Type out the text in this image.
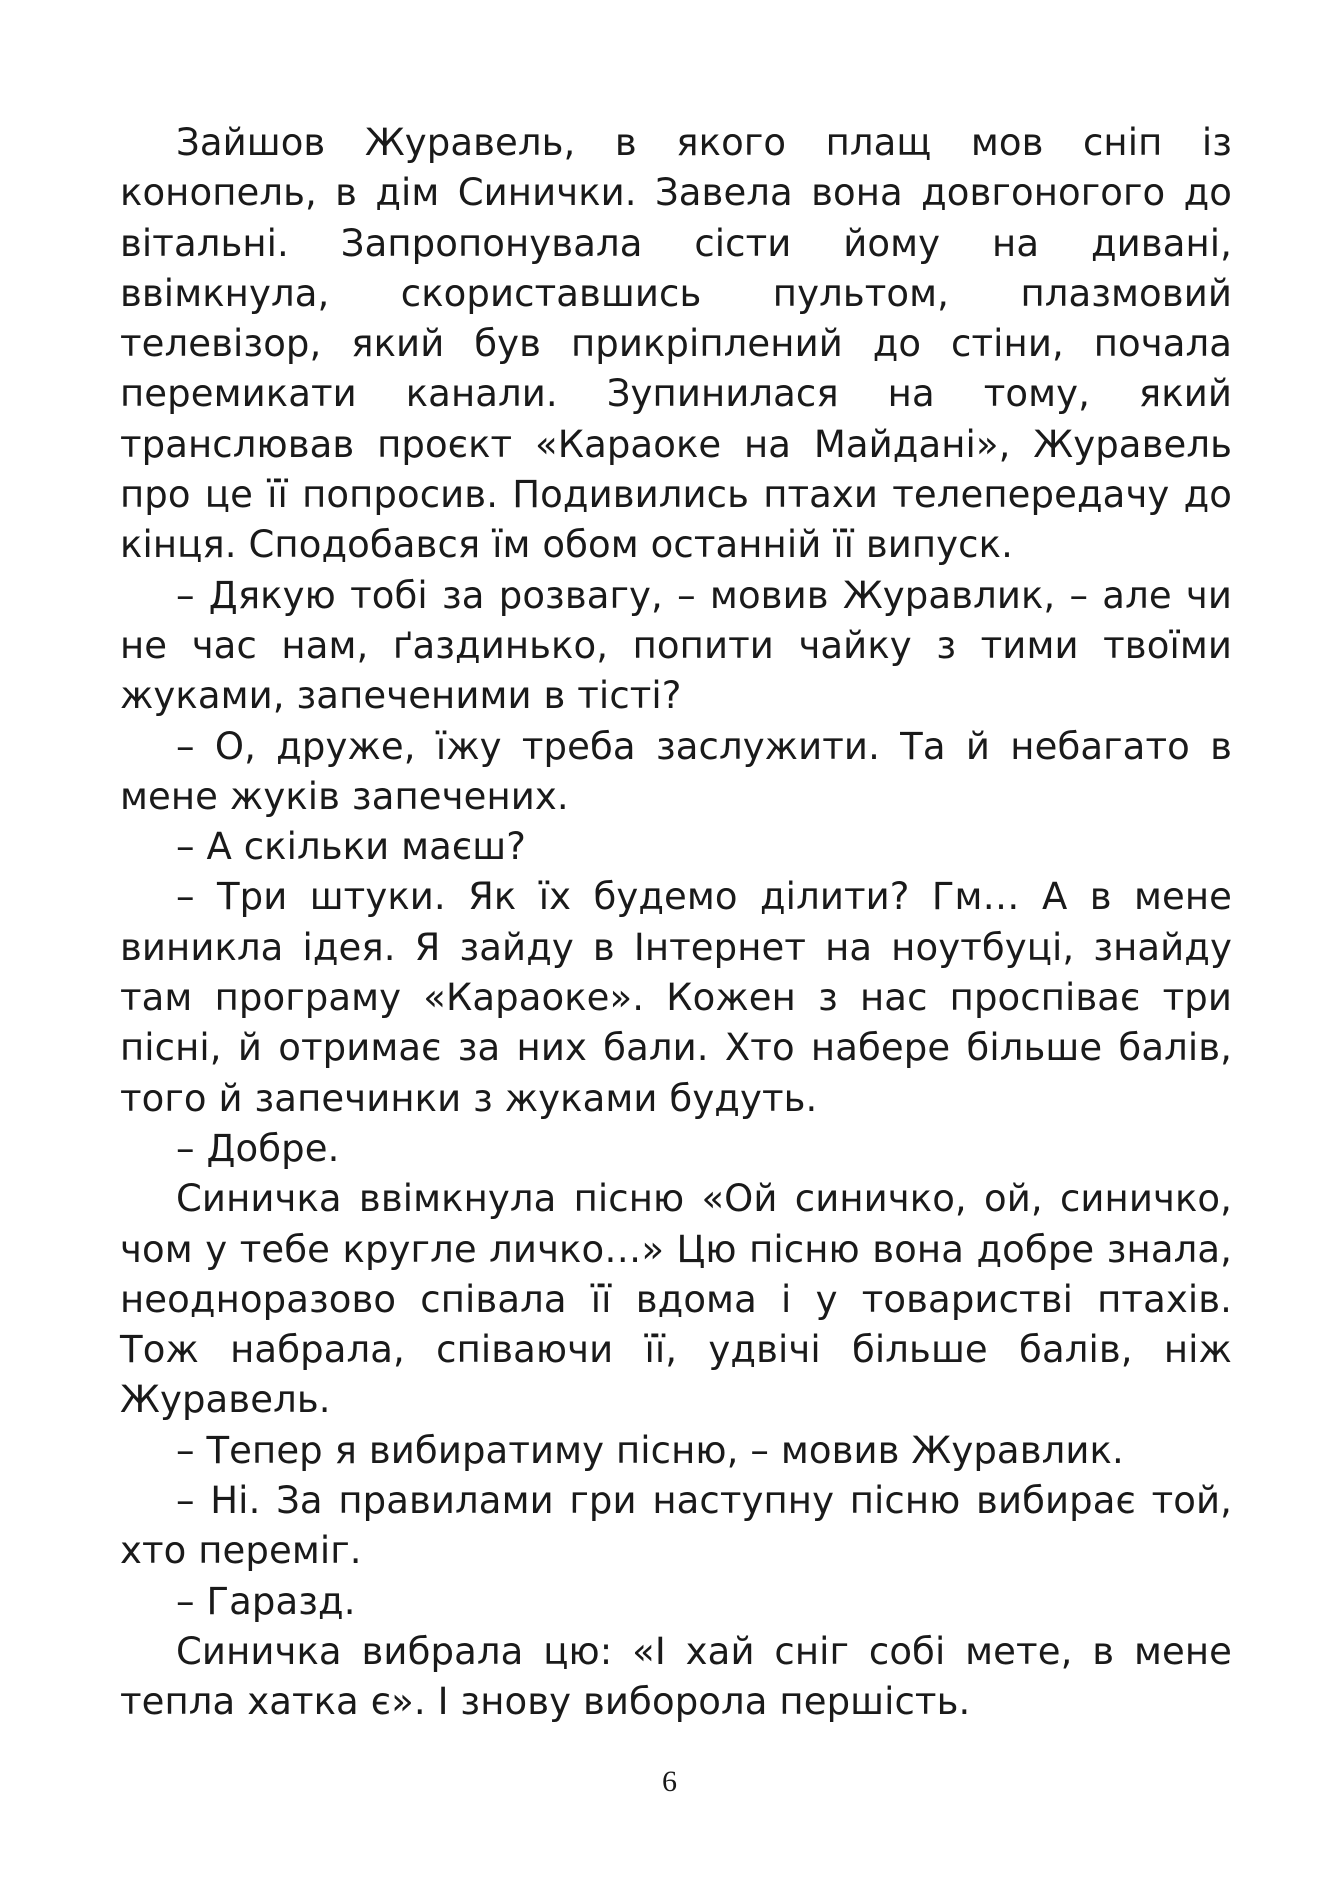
Зайшов Журавель, в якого плащ мов сніп із конопель, в дім Синички. Завела вона довгоногого до вітальні. Запропонувала сісти йому на дивані, ввімкнула, скориставшись пультом, плазмовий телевізор, який був прикріплений до стіни, почала перемикати канали. Зупинилася на тому, який транслював проєкт «Караоке на Майдані», Журавель про це її попросив. Подивились птахи телепередачу до кінця. Сподобався їм обом останній її випуск.

– Дякую тобі за розвагу, – мовив Журавлик, – але чи не час нам, ґаздинько, попити чайку з тими твоїми жуками, запеченими в тісті?

– О, друже, їжу треба заслужити. Та й небагато в мене жуків запечених.

– А скільки маєш?

– Три штуки. Як їх будемо ділити? Гм… А в мене виникла ідея. Я зайду в Інтернет на ноутбуці, знайду там програму «Караоке». Кожен з нас проспіває три пісні, й отримає за них бали. Хто набере більше балів, того й запечинки з жуками будуть.

– Добре.

Синичка ввімкнула пісню «Ой синичко, ой, синичко, чом у тебе кругле личко…» Цю пісню вона добре знала, неодноразово співала її вдома і у товаристві птахів. Тож набрала, співаючи її, удвічі більше балів, ніж Журавель.

– Тепер я вибиратиму пісню, – мовив Журавлик.

– Ні. За правилами гри наступну пісню вибирає той, хто переміг.

– Гаразд.

Синичка вибрала цю: «І хай сніг собі мете, в мене тепла хатка є». І знову виборола першість.

6
